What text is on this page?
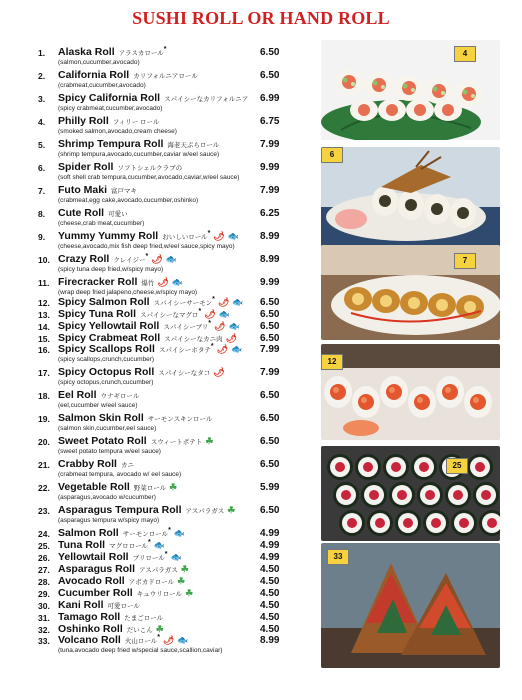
SUSHI ROLL OR HAND ROLL
1.	Alaska Roll アラスカロール*	6.50
(salmon,cucumber,avocado)
2.	California Roll カリフォルニアロール	6.50
(crabmeat,cucumber,avocado)
3.	Spicy California Roll スパイシーなカリフォルニア 6.99
(spicy crabmeat,cucumber,avocado)
4.	Philly Roll フィリー ロール	6.75
(smoked salmon,avocado,cream cheese)
5.	Shrimp Tempura Roll 海老天ぷらロール	7.99
(shrimp tempura,avocado,cucumber,caviar w/eel sauce)
6.	Spider Roll ソフトシェルクラブの	9.99
(soft shell crab tempura,cucumber,avocado,caviar,w/eel sauce)
7.	Futo Maki 富戸マキ	7.99
(crabmeat,egg cake,avocado,cucumber,oshinko)
8.	Cute Roll 可愛い	6.25
(cheese,crab meat,cucumber)
9.	Yummy Yummy Roll おいしいロール* 🌶 🐟 8.99
(cheese,avocado,mix fish deep fried,w/eel sauce,spicy mayo)
10. Crazy Roll クレイジー* 🌶 🐟	8.99
(spicy tuna deep fried,w/spicy mayo)
11. Firecracker Roll 爆竹 🌶 🐟	9.99
(wrap deep fried jalapeno,cheese,w/spicy mayo)
12. Spicy Salmon Roll スパイシーサーモン* 🌶 🐟 6.50
13. Spicy Tuna Roll スパイシーなマグロ* 🌶 🐟	6.50
14. Spicy Yellowtail Roll スパイシーブリ* 🌶 🐟 6.50
15. Spicy Crabmeat Roll スパイシーなカニ肉 🌶 6.50
16. Spicy Scallops Roll スパイシーホタテ* 🌶 🐟 7.99
(spicy scallops,crunch,cucumber)
17. Spicy Octopus Roll スパイシーなタコ 🌶	7.99
(spicy octopus,crunch,cucumber)
18. Eel Roll ウナギロール	6.50
(eel,cucumber w/eel sauce)
19. Salmon Skin Roll サーモンスキンロール	6.50
(salmon skin,cucumber,eel sauce)
20. Sweet Potato Roll スウィートポテト ☘	6.50
(sweet potato tempura w/eel sauce)
21. Crabby Roll カニ	6.50
(crabmeat tempura, avocado w/ eel sauce)
22. Vegetable Roll 野菜ロール ☘	5.99
(asparagus,avocado w/cucumber)
23. Asparagus Tempura Roll アスパラガス ☘ 6.50
(asparagus tempura w/spicy mayo)
24. Salmon Roll サーモンロール* 🐟	4.99
25. Tuna Roll マグロロール* 🐟	4.99
26. Yellowtail Roll ブリロール* 🐟	4.99
27. Asparagus Roll アスパラガス ☘	4.50
28. Avocado Roll アボカドロール ☘	4.50
29. Cucumber Roll キュウリロール ☘	4.50
30. Kani Roll 可愛ロール	4.50
31. Tamago Roll たまごロール	4.50
32. Oshinko Roll だいこん ☘	4.50
33. Volcano Roll 火山ロール* 🌶 🐟	8.99
(tuna,avocado deep fried w/special sauce,scallion,caviar)
4
6
7
12
25
33
